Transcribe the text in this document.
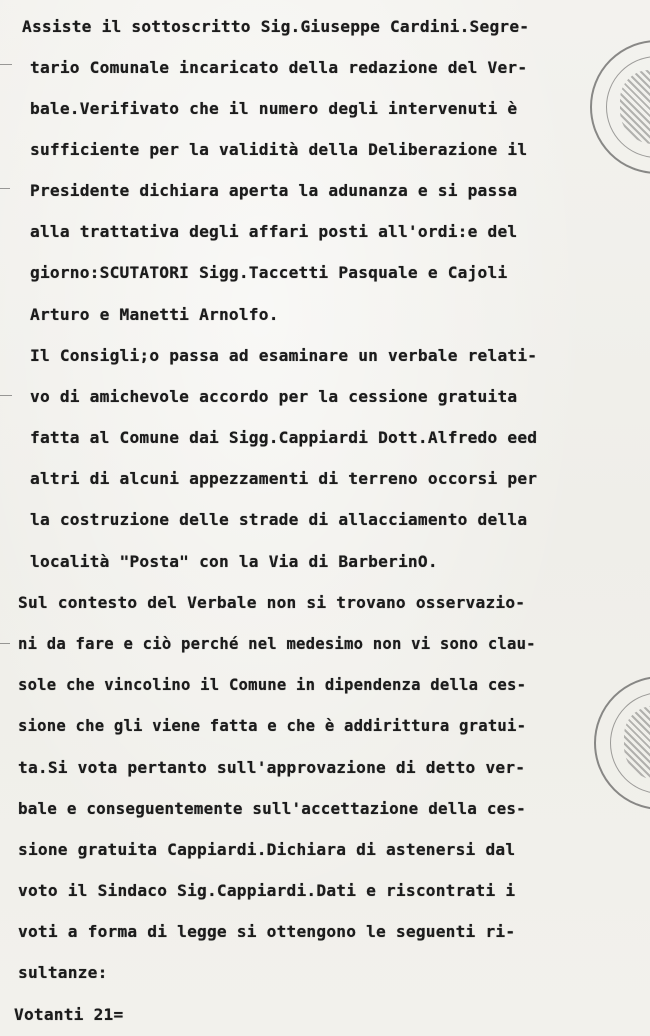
Assiste il sottoscritto Sig.Giuseppe Cardini.Segre-
tario Comunale incaricato della redazione del Ver-
bale.Verifivato che il numero degli intervenuti è
sufficiente per la validità della Deliberazione il
Presidente dichiara aperta la adunanza e si passa
alla trattativa degli affari posti all'ordi:e del
giorno:SCUTATORI Sigg.Taccetti Pasquale e Cajoli
Arturo e Manetti Arnolfo.
Il Consigli;o passa ad esaminare un verbale relati-
vo di amichevole accordo per la cessione gratuita
fatta al Comune dai Sigg.Cappiardi Dott.Alfredo eed
altri di alcuni appezzamenti di terreno occorsi per
la costruzione delle strade di allacciamento della
località "Posta" con la Via di BarberinO.
Sul contesto del Verbale non si trovano osservazio-
ni da fare e ciò perché nel medesimo non vi sono clau-
sole che vincolino il Comune in dipendenza della ces-
sione che gli viene fatta e che è addirittura gratui-
ta.Si vota pertanto sull'approvazione di detto ver-
bale e conseguentemente sull'accettazione della ces-
sione gratuita Cappiardi.Dichiara di astenersi dal
voto il Sindaco Sig.Cappiardi.Dati e riscontrati i
voti a forma di legge si ottengono le seguenti ri-
sultanze:
Votanti 21=
